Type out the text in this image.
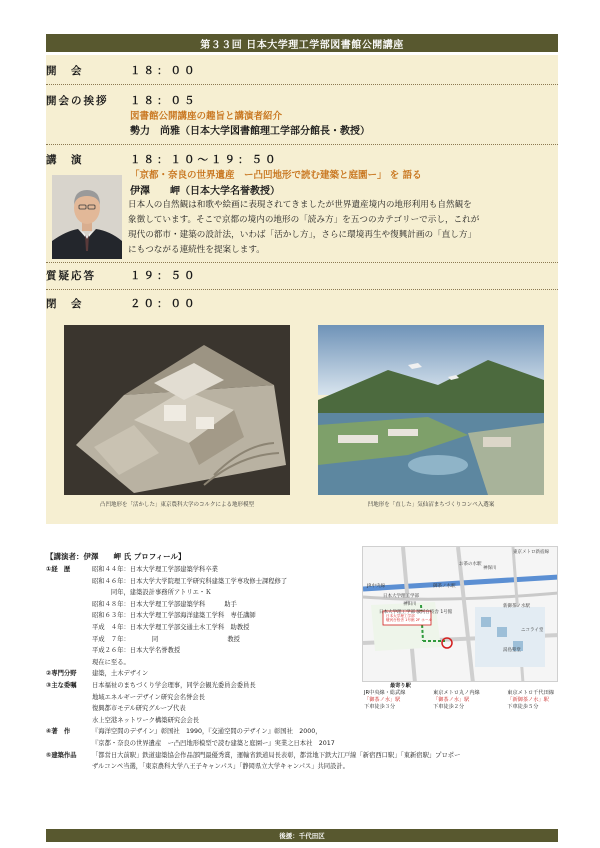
第３３回 日本大学理工学部図書館公開講座
開　会	１８：００
開会の挨拶	１８：０５
図書館公開講座の趣旨と講演者紹介
勢力　尚雅（日本大学図書館理工学部分館長・教授）
講　演	１８：１０～１９：５０
「京都・奈良の世界遺産　ー凸凹地形で読む建築と庭園ー」 を 語る
伊澤　　岬（日本大学名誉教授）
日本人の自然観は和歌や絵画に表現されてきましたが世界遺産境内の地形利用も自然観を
象徴しています。そこで京都の境内の地形の「読み方」を五つのカテゴリーで示し，これが
現代の都市・建築の設計法，いわば「活かし方」，さらに環境再生や復興計画の「直し方」
にもつながる連続性を提案します。
質疑応答	１９：５０
閉　会	２０：００
凸凹地形を「活かした」東京農科大学のコルクによる地形模型	凹地形を「直した」気仙沼まちづくりコンペ入選案
【講演者：伊澤　　岬 氏 プロフィール】
①経　歴	昭和４４年：日本大学理工学部建築学科卒業
昭和４６年：日本大学大学院理工学研究科建築工学専攻修士課程修了
　　　同年，建築設計事務所アトリエ・Ｋ
昭和４８年：日本大学理工学部建築学科　　　助手
昭和６３年：日本大学理工学部海洋建築工学科　専任講師
平成　４年：日本大学理工学部交通土木工学科　助教授
平成　７年：　　　　同　　　　　　　　　　　教授
平成２６年：日本大学名誉教授
現在に至る。
②専門分野	建築，土木デザイン
③主な委嘱	日本福祉のまちづくり学会理事，同学会観光委員会委員長
地域エネルギーデザイン研究会名誉会長
復興都市モデル研究グループ代表
水上空港ネットワーク構築研究会会長
④著　作	『海洋空間のデザイン』彰国社　1990，『交通空間のデザイン』彰国社　2000，
『京都・奈良の世界遺産　ー凸凹地形模型で読む建築と庭園ー』実業之日本社　2017
⑤建築作品	「都営日大前駅」鉄道建築協会作品部門最優秀賞，運輸省鉄道局長表彰，都営地下鉄大江戸線「新宿西口駅」「東新宿駅」プロポー
ザルコンペ当選，「東京農科大学八王子キャンパス」「静岡県立大学キャンパス」共同設計。
日本大学理工学部
東京メトロ新宿線
神保川
日本大学理工学部
お茶の水駅
JR中央線	御茶ノ水駅
神田川
日本大学理工学部 駿河台校舎 1号館
新御茶ノ水駅
湯島聖堂
ニコライ堂
駿河台校舎 1号館 2F ホール
最寄り駅
JR中央線・総武線
「御茶ノ水」駅
下車徒歩３分
東京メトロ丸ノ内線
「御茶ノ水」駅
下車徒歩２分
東京メトロ千代田線
「新御茶ノ水」駅
下車徒歩５分
後援：千代田区
